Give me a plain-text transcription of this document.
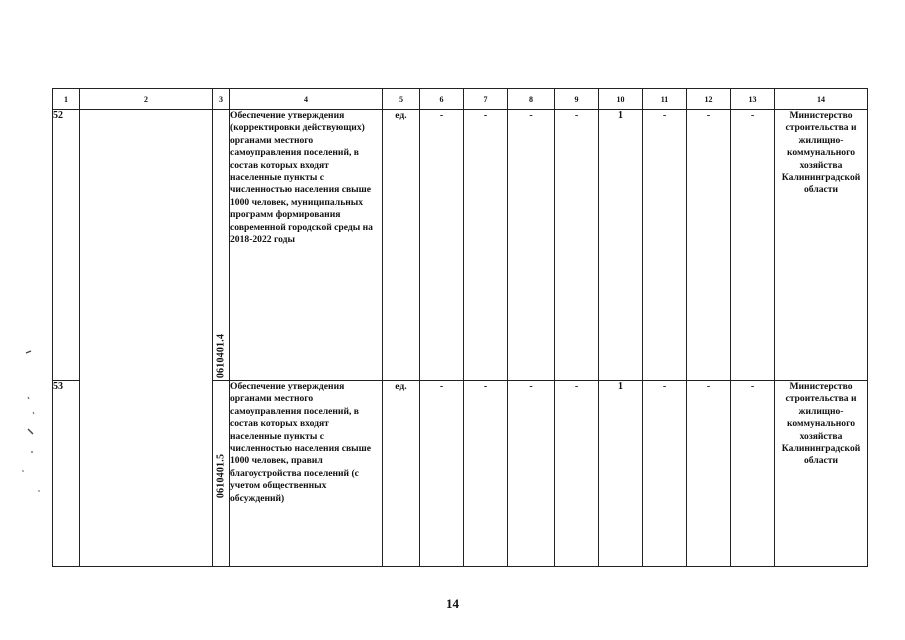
1	2	3	4	5	6	7	8	9	10	11	12	13	14
52		0610401.4	Обеспечение утверждения (корректировки действующих) органами местного самоуправления поселений, в состав которых входят населенные пункты с численностью населения свыше 1000 человек, муниципальных программ формирования современной городской среды на 2018-2022 годы	ед.	-	-	-	-	1	-	-	-	Министерство строительства и жилищно-коммунального хозяйства Калининградской области
53		0610401.5	Обеспечение утверждения органами местного самоуправления поселений, в состав которых входят населенные пункты с численностью населения свыше 1000 человек, правил благоустройства поселений (с учетом общественных обсуждений)	ед.	-	-	-	-	1	-	-	-	Министерство строительства и жилищно-коммунального хозяйства Калининградской области
14
